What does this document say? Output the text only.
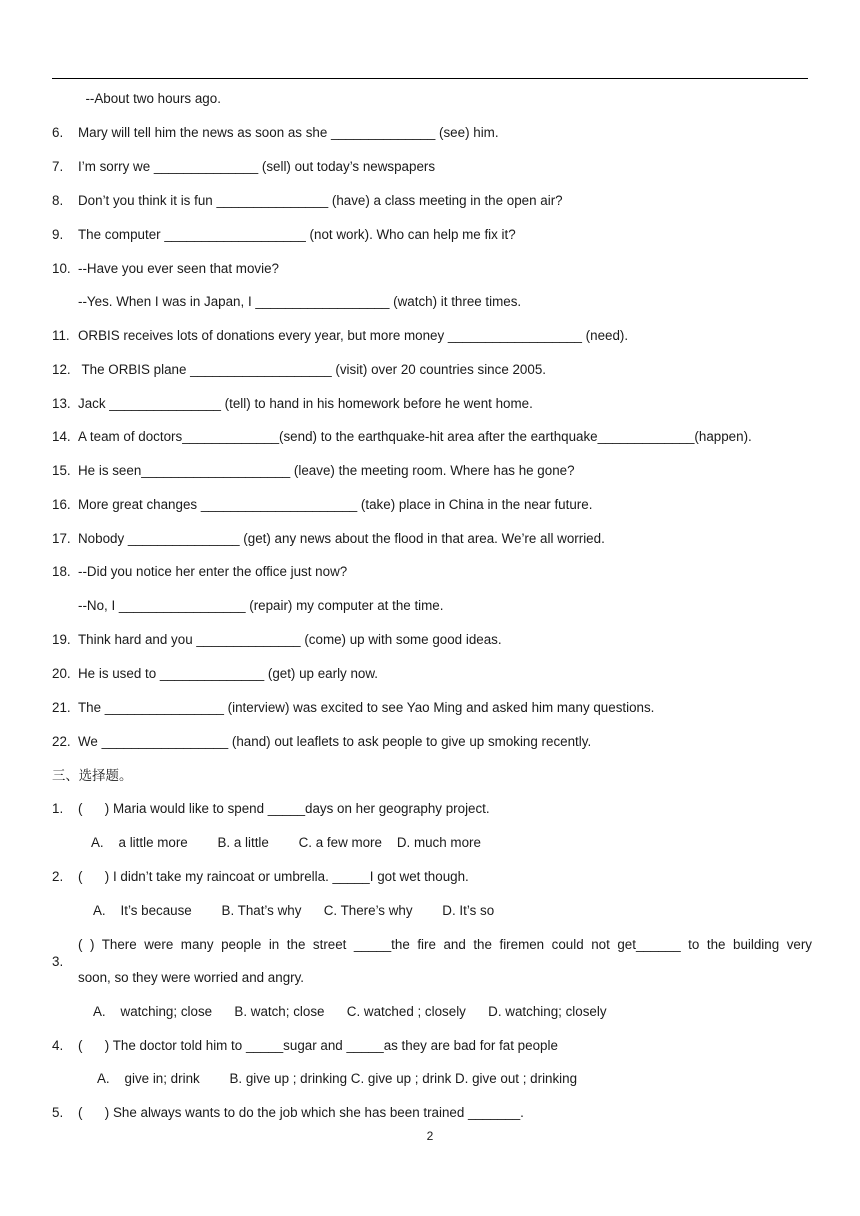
--About two hours ago.
6. Mary will tell him the news as soon as she ______________ (see) him.
7. I’m sorry we ______________ (sell) out today’s newspapers
8. Don’t you think it is fun _______________ (have) a class meeting in the open air?
9. The computer ___________________ (not work). Who can help me fix it?
10. --Have you ever seen that movie?
--Yes. When I was in Japan, I __________________ (watch) it three times.
11. ORBIS receives lots of donations every year, but more money __________________ (need).
12. The ORBIS plane ___________________ (visit) over 20 countries since 2005.
13. Jack _______________ (tell) to hand in his homework before he went home.
14. A team of doctors_____________(send) to the earthquake-hit area after the earthquake_____________(happen).
15. He is seen____________________ (leave) the meeting room. Where has he gone?
16. More great changes _____________________ (take) place in China in the near future.
17. Nobody _______________ (get) any news about the flood in that area. We’re all worried.
18. --Did you notice her enter the office just now?
--No, I _________________ (repair) my computer at the time.
19. Think hard and you ______________ (come) up with some good ideas.
20. He is used to ______________ (get) up early now.
21. The ________________ (interview) was excited to see Yao Ming and asked him many questions.
22. We _________________ (hand) out leaflets to ask people to give up smoking recently.
1. (      ) Maria would like to spend _____days on her geography project.
A.    a little more        B. a little        C. a few more    D. much more
2. (      ) I didn’t take my raincoat or umbrella. _____I got wet though.
A.    It’s because        B. That’s why      C. There’s why        D. It’s so
soon, so they were worried and angry.
A.    watching; close      B. watch; close      C. watched ; closely      D. watching; closely
4. (      ) The doctor told him to _____sugar and _____as they are bad for fat people
A.    give in; drink        B. give up ; drinking C. give up ; drink D. give out ; drinking
5. (      ) She always wants to do the job which she has been trained _______.

3.

( ) There were many people in the street _____the fire and the firemen could not get______ to the building very
2
三、选择题。
